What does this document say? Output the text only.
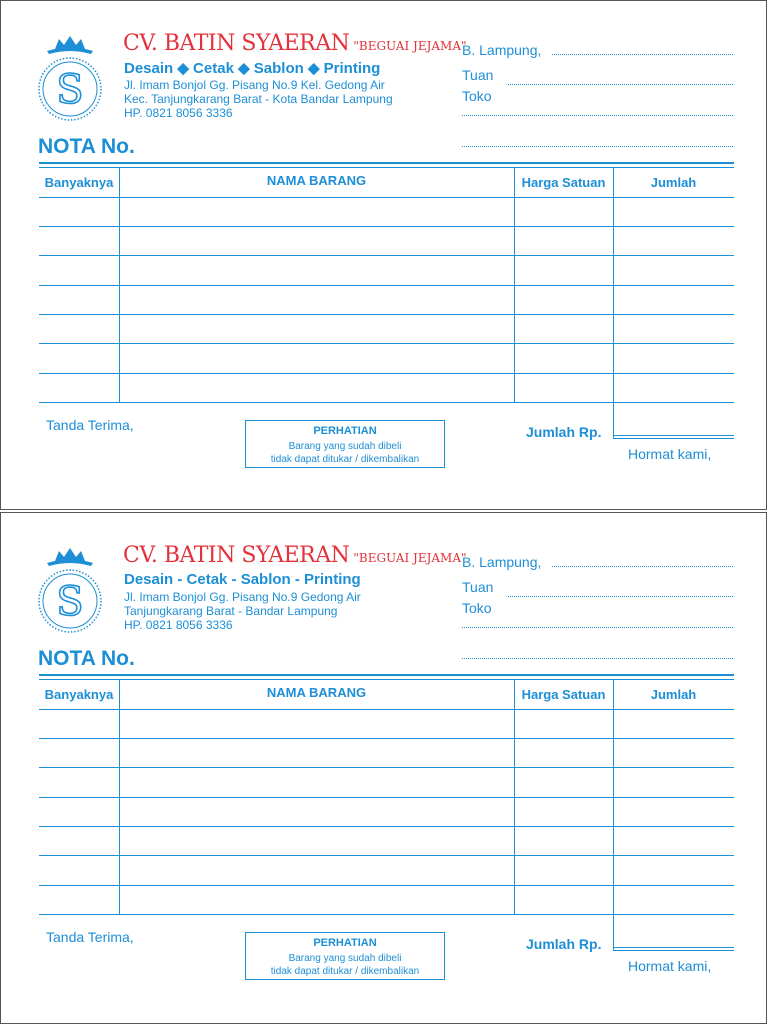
S
CV. BATIN SYAERAN "BEGUAI JEJAMA"
Desain ◆ Cetak ◆ Sablon ◆ Printing
Jl. Imam Bonjol Gg. Pisang No.9 Kel. Gedong Air
Kec. Tanjungkarang Barat - Kota Bandar Lampung
HP. 0821 8056 3336
NOTA No.
B. Lampung,
Tuan
Toko
Banyaknya	NAMA BARANG	Harga Satuan	Jumlah
Tanda Terima,	PERHATIAN
Barang yang sudah dibeli
tidak dapat ditukar / dikembalikan
Jumlah Rp.
Hormat kami,
S
CV. BATIN SYAERAN "BEGUAI JEJAMA"
Desain - Cetak - Sablon - Printing
Jl. Imam Bonjol Gg. Pisang No.9 Gedong Air
Tanjungkarang Barat - Bandar Lampung
HP. 0821 8056 3336
NOTA No.
B. Lampung,
Tuan
Toko
Banyaknya	NAMA BARANG	Harga Satuan	Jumlah
Tanda Terima,	PERHATIAN
Barang yang sudah dibeli
tidak dapat ditukar / dikembalikan
Jumlah Rp.
Hormat kami,
